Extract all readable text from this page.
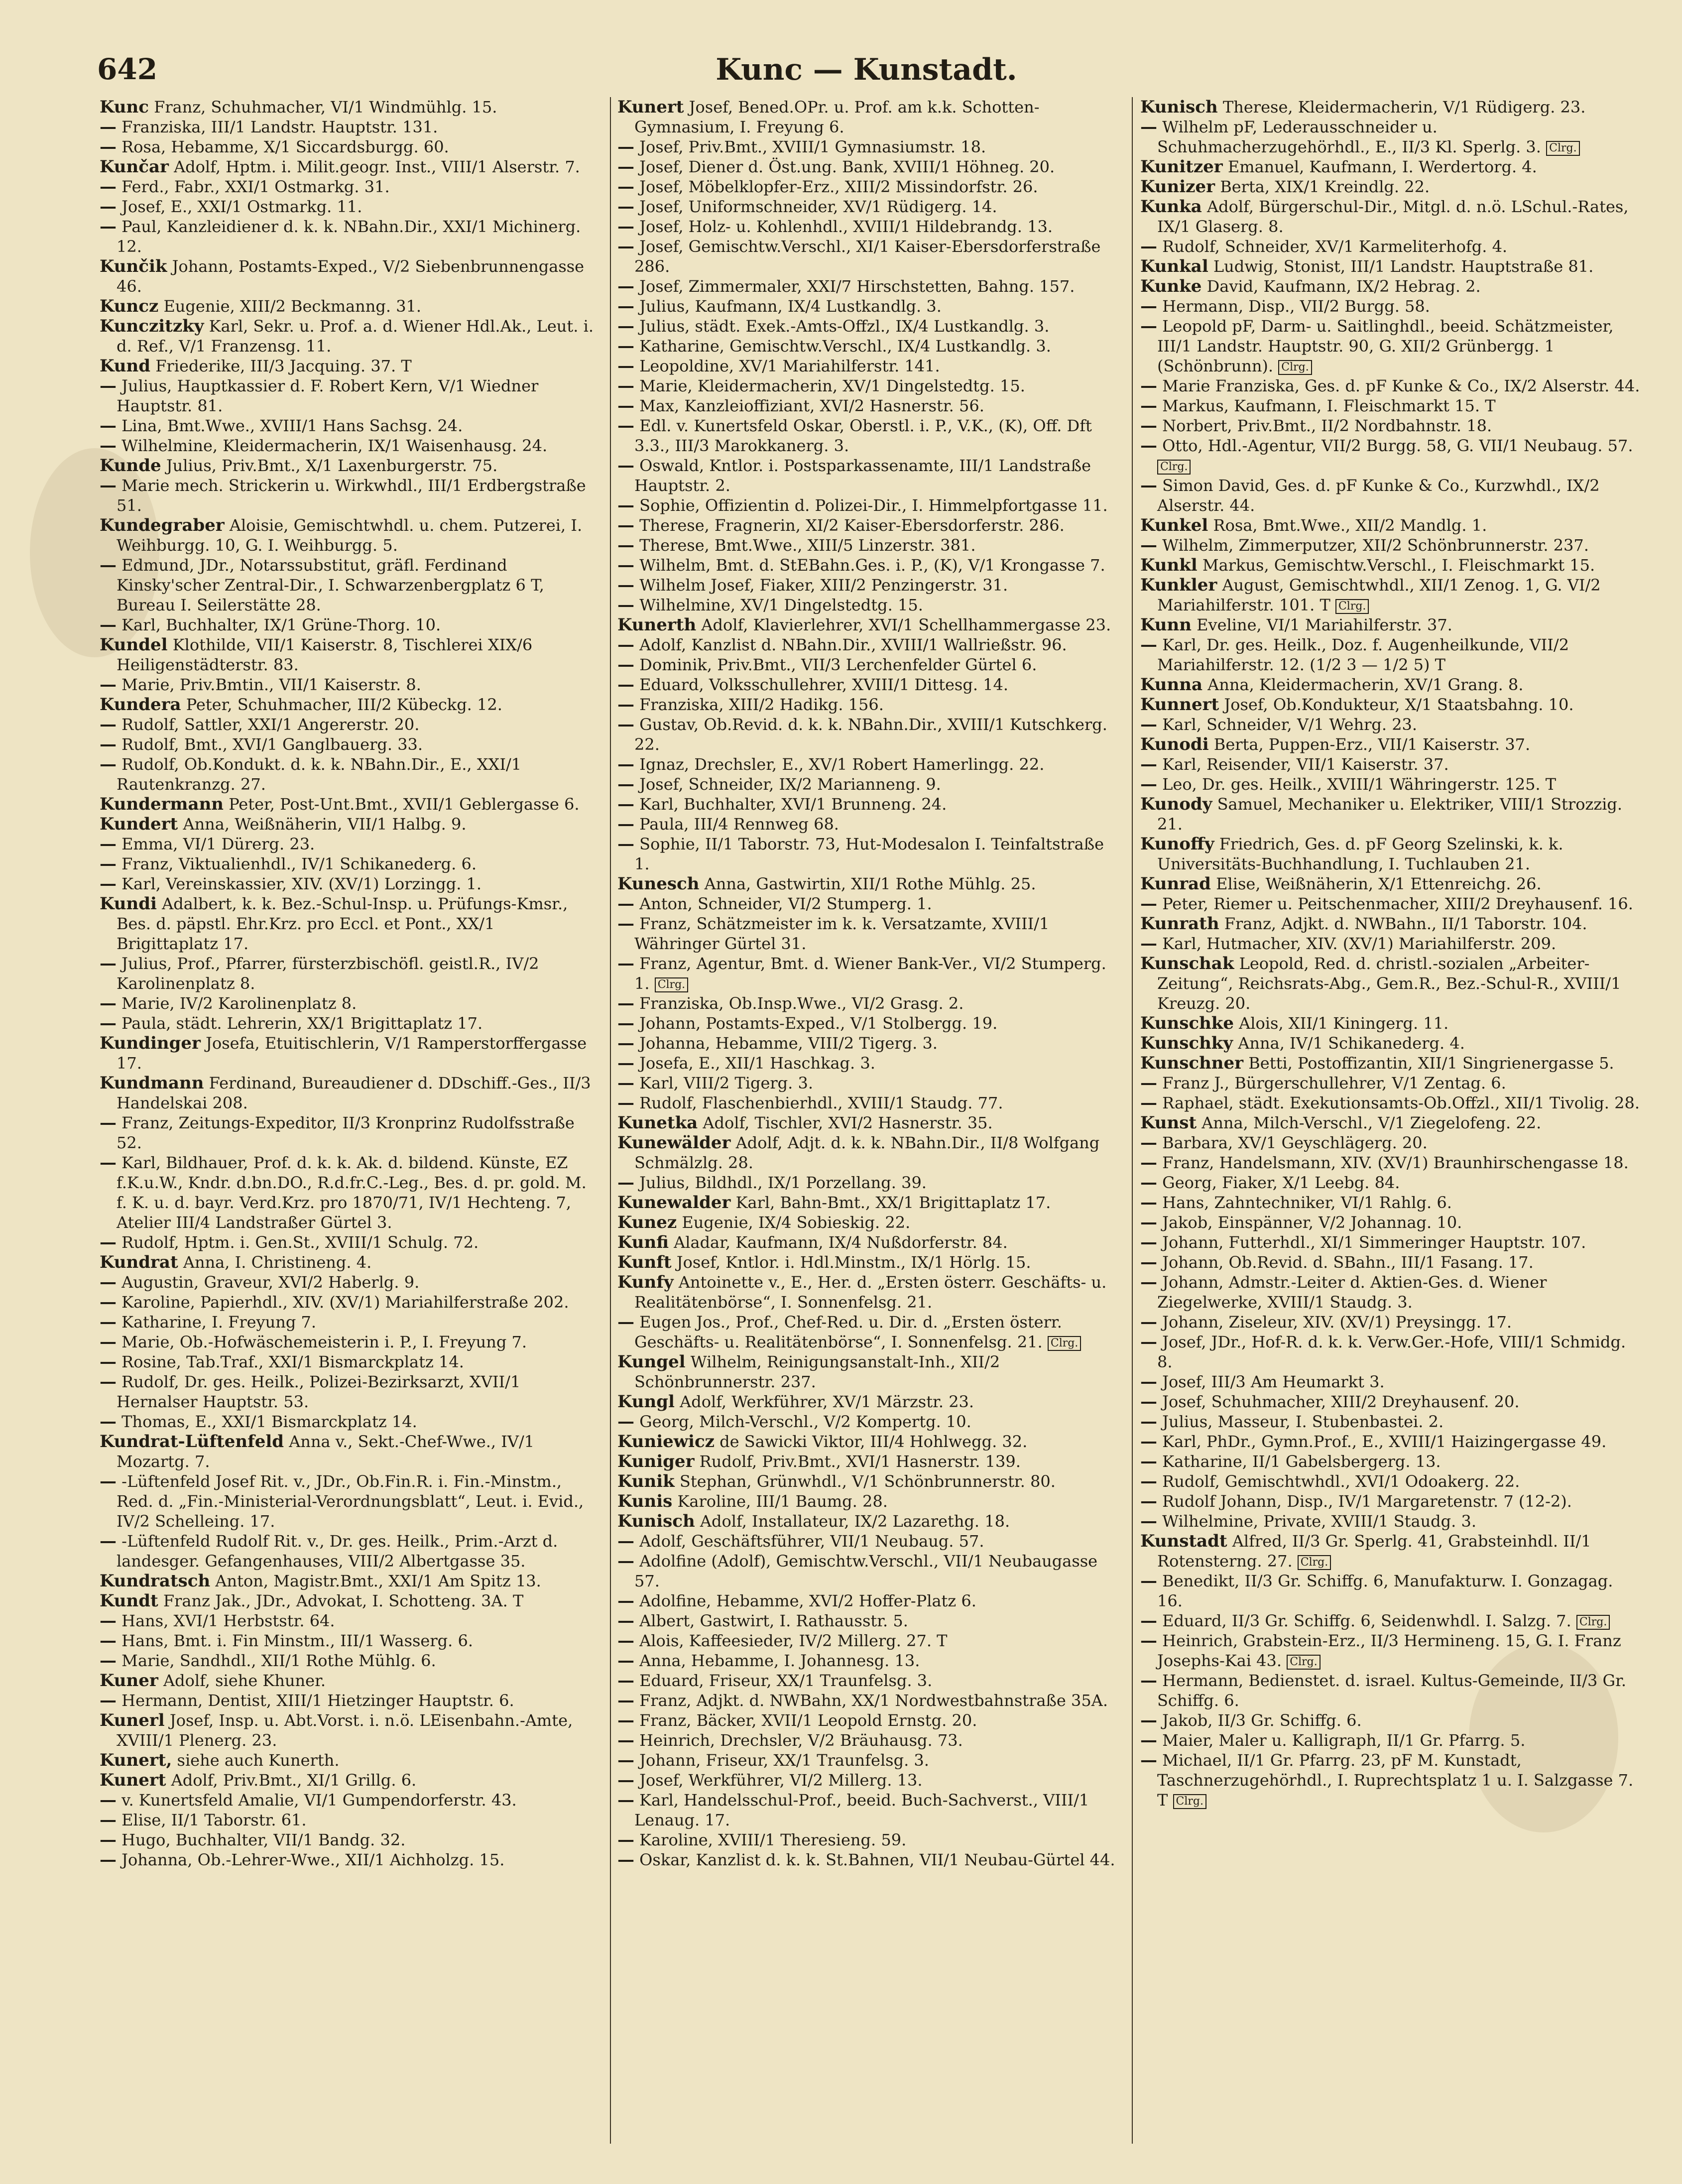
642	Kunc — Kunstadt.
Kunc Franz, Schuhmacher, VI/1 Windmühlg. 15.
— Franziska, III/1 Landstr. Hauptstr. 131.
— Rosa, Hebamme, X/1 Siccardsburgg. 60.
Kunčar Adolf, Hptm. i. Milit.geogr. Inst., VIII/1 Alserstr. 7.
— Ferd., Fabr., XXI/1 Ostmarkg. 31.
— Josef, E., XXI/1 Ostmarkg. 11.
— Paul, Kanzleidiener d. k. k. NBahn.Dir., XXI/1 Michinerg. 12.
Kunčik Johann, Postamts-Exped., V/2 Siebenbrunnengasse 46.
Kuncz Eugenie, XIII/2 Beckmanng. 31.
Kunczitzky Karl, Sekr. u. Prof. a. d. Wiener Hdl.Ak., Leut. i. d. Ref., V/1 Franzensg. 11.
Kund Friederike, III/3 Jacquing. 37. T
— Julius, Hauptkassier d. F. Robert Kern, V/1 Wiedner Hauptstr. 81.
— Lina, Bmt.Wwe., XVIII/1 Hans Sachsg. 24.
— Wilhelmine, Kleidermacherin, IX/1 Waisenhausg. 24.
Kunde Julius, Priv.Bmt., X/1 Laxenburgerstr. 75.
— Marie mech. Strickerin u. Wirkwhdl., III/1 Erdbergstraße 51.
Kundegraber Aloisie, Gemischtwhdl. u. chem. Putzerei, I. Weihburgg. 10, G. I. Weihburgg. 5.
— Edmund, JDr., Notarssubstitut, gräfl. Ferdinand Kinsky'scher Zentral-Dir., I. Schwarzenbergplatz 6 T, Bureau I. Seilerstätte 28.
— Karl, Buchhalter, IX/1 Grüne-Thorg. 10.
Kundel Klothilde, VII/1 Kaiserstr. 8, Tischlerei XIX/6 Heiligenstädterstr. 83.
— Marie, Priv.Bmtin., VII/1 Kaiserstr. 8.
Kundera Peter, Schuhmacher, III/2 Kübeckg. 12.
— Rudolf, Sattler, XXI/1 Angererstr. 20.
— Rudolf, Bmt., XVI/1 Ganglbauerg. 33.
— Rudolf, Ob.Kondukt. d. k. k. NBahn.Dir., E., XXI/1 Rautenkranzg. 27.
Kundermann Peter, Post-Unt.Bmt., XVII/1 Geblergasse 6.
Kundert Anna, Weißnäherin, VII/1 Halbg. 9.
— Emma, VI/1 Dürerg. 23.
— Franz, Viktualienhdl., IV/1 Schikanederg. 6.
— Karl, Vereinskassier, XIV. (XV/1) Lorzingg. 1.
Kundi Adalbert, k. k. Bez.-Schul-Insp. u. Prüfungs-Kmsr., Bes. d. päpstl. Ehr.Krz. pro Eccl. et Pont., XX/1 Brigittaplatz 17.
— Julius, Prof., Pfarrer, fürsterzbischöfl. geistl.R., IV/2 Karolinenplatz 8.
— Marie, IV/2 Karolinenplatz 8.
— Paula, städt. Lehrerin, XX/1 Brigittaplatz 17.
Kundinger Josefa, Etuitischlerin, V/1 Ramperstorffergasse 17.
Kundmann Ferdinand, Bureaudiener d. DDschiff.-Ges., II/3 Handelskai 208.
— Franz, Zeitungs-Expeditor, II/3 Kronprinz Rudolfsstraße 52.
— Karl, Bildhauer, Prof. d. k. k. Ak. d. bildend. Künste, EZ f.K.u.W., Kndr. d.bn.DO., R.d.fr.C.-Leg., Bes. d. pr. gold. M. f. K. u. d. bayr. Verd.Krz. pro 1870/71, IV/1 Hechteng. 7, Atelier III/4 Landstraßer Gürtel 3.
— Rudolf, Hptm. i. Gen.St., XVIII/1 Schulg. 72.
Kundrat Anna, I. Christineng. 4.
— Augustin, Graveur, XVI/2 Haberlg. 9.
— Karoline, Papierhdl., XIV. (XV/1) Mariahilferstraße 202.
— Katharine, I. Freyung 7.
— Marie, Ob.-Hofwäschemeisterin i. P., I. Freyung 7.
— Rosine, Tab.Traf., XXI/1 Bismarckplatz 14.
— Rudolf, Dr. ges. Heilk., Polizei-Bezirksarzt, XVII/1 Hernalser Hauptstr. 53.
— Thomas, E., XXI/1 Bismarckplatz 14.
Kundrat-Lüftenfeld Anna v., Sekt.-Chef-Wwe., IV/1 Mozartg. 7.
— -Lüftenfeld Josef Rit. v., JDr., Ob.Fin.R. i. Fin.-Minstm., Red. d. „Fin.-Ministerial-Verordnungsblatt“, Leut. i. Evid., IV/2 Schelleing. 17.
— -Lüftenfeld Rudolf Rit. v., Dr. ges. Heilk., Prim.-Arzt d. landesger. Gefangenhauses, VIII/2 Albertgasse 35.
Kundratsch Anton, Magistr.Bmt., XXI/1 Am Spitz 13.
Kundt Franz Jak., JDr., Advokat, I. Schotteng. 3A. T
— Hans, XVI/1 Herbststr. 64.
— Hans, Bmt. i. Fin Minstm., III/1 Wasserg. 6.
— Marie, Sandhdl., XII/1 Rothe Mühlg. 6.
Kuner Adolf, siehe Khuner.
— Hermann, Dentist, XIII/1 Hietzinger Hauptstr. 6.
Kunerl Josef, Insp. u. Abt.Vorst. i. n.ö. LEisenbahn.-Amte, XVIII/1 Plenerg. 23.
Kunert, siehe auch Kunerth.
Kunert Adolf, Priv.Bmt., XI/1 Grillg. 6.
— v. Kunertsfeld Amalie, VI/1 Gumpendorferstr. 43.
— Elise, II/1 Taborstr. 61.
— Hugo, Buchhalter, VII/1 Bandg. 32.
— Johanna, Ob.-Lehrer-Wwe., XII/1 Aichholzg. 15.
Kunert Josef, Bened.OPr. u. Prof. am k.k. Schotten-Gymnasium, I. Freyung 6.
— Josef, Priv.Bmt., XVIII/1 Gymnasiumstr. 18.
— Josef, Diener d. Öst.ung. Bank, XVIII/1 Höhneg. 20.
— Josef, Möbelklopfer-Erz., XIII/2 Missindorfstr. 26.
— Josef, Uniformschneider, XV/1 Rüdigerg. 14.
— Josef, Holz- u. Kohlenhdl., XVIII/1 Hildebrandg. 13.
— Josef, Gemischtw.Verschl., XI/1 Kaiser-Ebersdorferstraße 286.
— Josef, Zimmermaler, XXI/7 Hirschstetten, Bahng. 157.
— Julius, Kaufmann, IX/4 Lustkandlg. 3.
— Julius, städt. Exek.-Amts-Offzl., IX/4 Lustkandlg. 3.
— Katharine, Gemischtw.Verschl., IX/4 Lustkandlg. 3.
— Leopoldine, XV/1 Mariahilferstr. 141.
— Marie, Kleidermacherin, XV/1 Dingelstedtg. 15.
— Max, Kanzleioffiziant, XVI/2 Hasnerstr. 56.
— Edl. v. Kunertsfeld Oskar, Oberstl. i. P., V.K., (K), Off. Dft 3.3., III/3 Marokkanerg. 3.
— Oswald, Kntlor. i. Postsparkassenamte, III/1 Landstraße Hauptstr. 2.
— Sophie, Offizientin d. Polizei-Dir., I. Himmelpfortgasse 11.
— Therese, Fragnerin, XI/2 Kaiser-Ebersdorferstr. 286.
— Therese, Bmt.Wwe., XIII/5 Linzerstr. 381.
— Wilhelm, Bmt. d. StEBahn.Ges. i. P., (K), V/1 Krongasse 7.
— Wilhelm Josef, Fiaker, XIII/2 Penzingerstr. 31.
— Wilhelmine, XV/1 Dingelstedtg. 15.
Kunerth Adolf, Klavierlehrer, XVI/1 Schellhammergasse 23.
— Adolf, Kanzlist d. NBahn.Dir., XVIII/1 Wallrießstr. 96.
— Dominik, Priv.Bmt., VII/3 Lerchenfelder Gürtel 6.
— Eduard, Volksschullehrer, XVIII/1 Dittesg. 14.
— Franziska, XIII/2 Hadikg. 156.
— Gustav, Ob.Revid. d. k. k. NBahn.Dir., XVIII/1 Kutschkerg. 22.
— Ignaz, Drechsler, E., XV/1 Robert Hamerlingg. 22.
— Josef, Schneider, IX/2 Marianneng. 9.
— Karl, Buchhalter, XVI/1 Brunneng. 24.
— Paula, III/4 Rennweg 68.
— Sophie, II/1 Taborstr. 73, Hut-Modesalon I. Teinfaltstraße 1.
Kunesch Anna, Gastwirtin, XII/1 Rothe Mühlg. 25.
— Anton, Schneider, VI/2 Stumperg. 1.
— Franz, Schätzmeister im k. k. Versatzamte, XVIII/1 Währinger Gürtel 31.
— Franz, Agentur, Bmt. d. Wiener Bank-Ver., VI/2 Stumperg. 1. Clrg.
— Franziska, Ob.Insp.Wwe., VI/2 Grasg. 2.
— Johann, Postamts-Exped., V/1 Stolbergg. 19.
— Johanna, Hebamme, VIII/2 Tigerg. 3.
— Josefa, E., XII/1 Haschkag. 3.
— Karl, VIII/2 Tigerg. 3.
— Rudolf, Flaschenbierhdl., XVIII/1 Staudg. 77.
Kunetka Adolf, Tischler, XVI/2 Hasnerstr. 35.
Kunewälder Adolf, Adjt. d. k. k. NBahn.Dir., II/8 Wolfgang Schmälzlg. 28.
— Julius, Bildhdl., IX/1 Porzellang. 39.
Kunewalder Karl, Bahn-Bmt., XX/1 Brigittaplatz 17.
Kunez Eugenie, IX/4 Sobieskig. 22.
Kunfi Aladar, Kaufmann, IX/4 Nußdorferstr. 84.
Kunft Josef, Kntlor. i. Hdl.Minstm., IX/1 Hörlg. 15.
Kunfy Antoinette v., E., Her. d. „Ersten österr. Geschäfts- u. Realitätenbörse“, I. Sonnenfelsg. 21.
— Eugen Jos., Prof., Chef-Red. u. Dir. d. „Ersten österr. Geschäfts- u. Realitätenbörse“, I. Sonnenfelsg. 21. Clrg.
Kungel Wilhelm, Reinigungsanstalt-Inh., XII/2 Schönbrunnerstr. 237.
Kungl Adolf, Werkführer, XV/1 Märzstr. 23.
— Georg, Milch-Verschl., V/2 Kompertg. 10.
Kuniewicz de Sawicki Viktor, III/4 Hohlwegg. 32.
Kuniger Rudolf, Priv.Bmt., XVI/1 Hasnerstr. 139.
Kunik Stephan, Grünwhdl., V/1 Schönbrunnerstr. 80.
Kunis Karoline, III/1 Baumg. 28.
Kunisch Adolf, Installateur, IX/2 Lazarethg. 18.
— Adolf, Geschäftsführer, VII/1 Neubaug. 57.
— Adolfine (Adolf), Gemischtw.Verschl., VII/1 Neubaugasse 57.
— Adolfine, Hebamme, XVI/2 Hoffer-Platz 6.
— Albert, Gastwirt, I. Rathausstr. 5.
— Alois, Kaffeesieder, IV/2 Millerg. 27. T
— Anna, Hebamme, I. Johannesg. 13.
— Eduard, Friseur, XX/1 Traunfelsg. 3.
— Franz, Adjkt. d. NWBahn, XX/1 Nordwestbahnstraße 35A.
— Franz, Bäcker, XVII/1 Leopold Ernstg. 20.
— Heinrich, Drechsler, V/2 Bräuhausg. 73.
— Johann, Friseur, XX/1 Traunfelsg. 3.
— Josef, Werkführer, VI/2 Millerg. 13.
— Karl, Handelsschul-Prof., beeid. Buch-Sachverst., VIII/1 Lenaug. 17.
— Karoline, XVIII/1 Theresieng. 59.
— Oskar, Kanzlist d. k. k. St.Bahnen, VII/1 Neubau-Gürtel 44.
Kunisch Therese, Kleidermacherin, V/1 Rüdigerg. 23.
— Wilhelm pF, Lederausschneider u. Schuhmacherzugehörhdl., E., II/3 Kl. Sperlg. 3. Clrg.
Kunitzer Emanuel, Kaufmann, I. Werdertorg. 4.
Kunizer Berta, XIX/1 Kreindlg. 22.
Kunka Adolf, Bürgerschul-Dir., Mitgl. d. n.ö. LSchul.-Rates, IX/1 Glaserg. 8.
— Rudolf, Schneider, XV/1 Karmeliterhofg. 4.
Kunkal Ludwig, Stonist, III/1 Landstr. Hauptstraße 81.
Kunke David, Kaufmann, IX/2 Hebrag. 2.
— Hermann, Disp., VII/2 Burgg. 58.
— Leopold pF, Darm- u. Saitlinghdl., beeid. Schätzmeister, III/1 Landstr. Hauptstr. 90, G. XII/2 Grünbergg. 1 (Schönbrunn). Clrg.
— Marie Franziska, Ges. d. pF Kunke & Co., IX/2 Alserstr. 44.
— Markus, Kaufmann, I. Fleischmarkt 15. T
— Norbert, Priv.Bmt., II/2 Nordbahnstr. 18.
— Otto, Hdl.-Agentur, VII/2 Burgg. 58, G. VII/1 Neubaug. 57. Clrg.
— Simon David, Ges. d. pF Kunke & Co., Kurzwhdl., IX/2 Alserstr. 44.
Kunkel Rosa, Bmt.Wwe., XII/2 Mandlg. 1.
— Wilhelm, Zimmerputzer, XII/2 Schönbrunnerstr. 237.
Kunkl Markus, Gemischtw.Verschl., I. Fleischmarkt 15.
Kunkler August, Gemischtwhdl., XII/1 Zenog. 1, G. VI/2 Mariahilferstr. 101. T Clrg.
Kunn Eveline, VI/1 Mariahilferstr. 37.
— Karl, Dr. ges. Heilk., Doz. f. Augenheilkunde, VII/2 Mariahilferstr. 12. (1/2 3 — 1/2 5) T
Kunna Anna, Kleidermacherin, XV/1 Grang. 8.
Kunnert Josef, Ob.Kondukteur, X/1 Staatsbahng. 10.
— Karl, Schneider, V/1 Wehrg. 23.
Kunodi Berta, Puppen-Erz., VII/1 Kaiserstr. 37.
— Karl, Reisender, VII/1 Kaiserstr. 37.
— Leo, Dr. ges. Heilk., XVIII/1 Währingerstr. 125. T
Kunody Samuel, Mechaniker u. Elektriker, VIII/1 Strozzig. 21.
Kunoffy Friedrich, Ges. d. pF Georg Szelinski, k. k. Universitäts-Buchhandlung, I. Tuchlauben 21.
Kunrad Elise, Weißnäherin, X/1 Ettenreichg. 26.
— Peter, Riemer u. Peitschenmacher, XIII/2 Dreyhausenf. 16.
Kunrath Franz, Adjkt. d. NWBahn., II/1 Taborstr. 104.
— Karl, Hutmacher, XIV. (XV/1) Mariahilferstr. 209.
Kunschak Leopold, Red. d. christl.-sozialen „Arbeiter-Zeitung“, Reichsrats-Abg., Gem.R., Bez.-Schul-R., XVIII/1 Kreuzg. 20.
Kunschke Alois, XII/1 Kiningerg. 11.
Kunschky Anna, IV/1 Schikanederg. 4.
Kunschner Betti, Postoffizantin, XII/1 Singrienergasse 5.
— Franz J., Bürgerschullehrer, V/1 Zentag. 6.
— Raphael, städt. Exekutionsamts-Ob.Offzl., XII/1 Tivolig. 28.
Kunst Anna, Milch-Verschl., V/1 Ziegelofeng. 22.
— Barbara, XV/1 Geyschlägerg. 20.
— Franz, Handelsmann, XIV. (XV/1) Braunhirschengasse 18.
— Georg, Fiaker, X/1 Leebg. 84.
— Hans, Zahntechniker, VI/1 Rahlg. 6.
— Jakob, Einspänner, V/2 Johannag. 10.
— Johann, Futterhdl., XI/1 Simmeringer Hauptstr. 107.
— Johann, Ob.Revid. d. SBahn., III/1 Fasang. 17.
— Johann, Admstr.-Leiter d. Aktien-Ges. d. Wiener Ziegelwerke, XVIII/1 Staudg. 3.
— Johann, Ziseleur, XIV. (XV/1) Preysingg. 17.
— Josef, JDr., Hof-R. d. k. k. Verw.Ger.-Hofe, VIII/1 Schmidg. 8.
— Josef, III/3 Am Heumarkt 3.
— Josef, Schuhmacher, XIII/2 Dreyhausenf. 20.
— Julius, Masseur, I. Stubenbastei. 2.
— Karl, PhDr., Gymn.Prof., E., XVIII/1 Haizingergasse 49.
— Katharine, II/1 Gabelsbergerg. 13.
— Rudolf, Gemischtwhdl., XVI/1 Odoakerg. 22.
— Rudolf Johann, Disp., IV/1 Margaretenstr. 7 (12-2).
— Wilhelmine, Private, XVIII/1 Staudg. 3.
Kunstadt Alfred, II/3 Gr. Sperlg. 41, Grabsteinhdl. II/1 Rotensterng. 27. Clrg.
— Benedikt, II/3 Gr. Schiffg. 6, Manufakturw. I. Gonzagag. 16.
— Eduard, II/3 Gr. Schiffg. 6, Seidenwhdl. I. Salzg. 7. Clrg.
— Heinrich, Grabstein-Erz., II/3 Hermineng. 15, G. I. Franz Josephs-Kai 43. Clrg.
— Hermann, Bedienstet. d. israel. Kultus-Gemeinde, II/3 Gr. Schiffg. 6.
— Jakob, II/3 Gr. Schiffg. 6.
— Maier, Maler u. Kalligraph, II/1 Gr. Pfarrg. 5.
— Michael, II/1 Gr. Pfarrg. 23, pF M. Kunstadt, Taschnerzugehörhdl., I. Ruprechtsplatz 1 u. I. Salzgasse 7. T Clrg.
